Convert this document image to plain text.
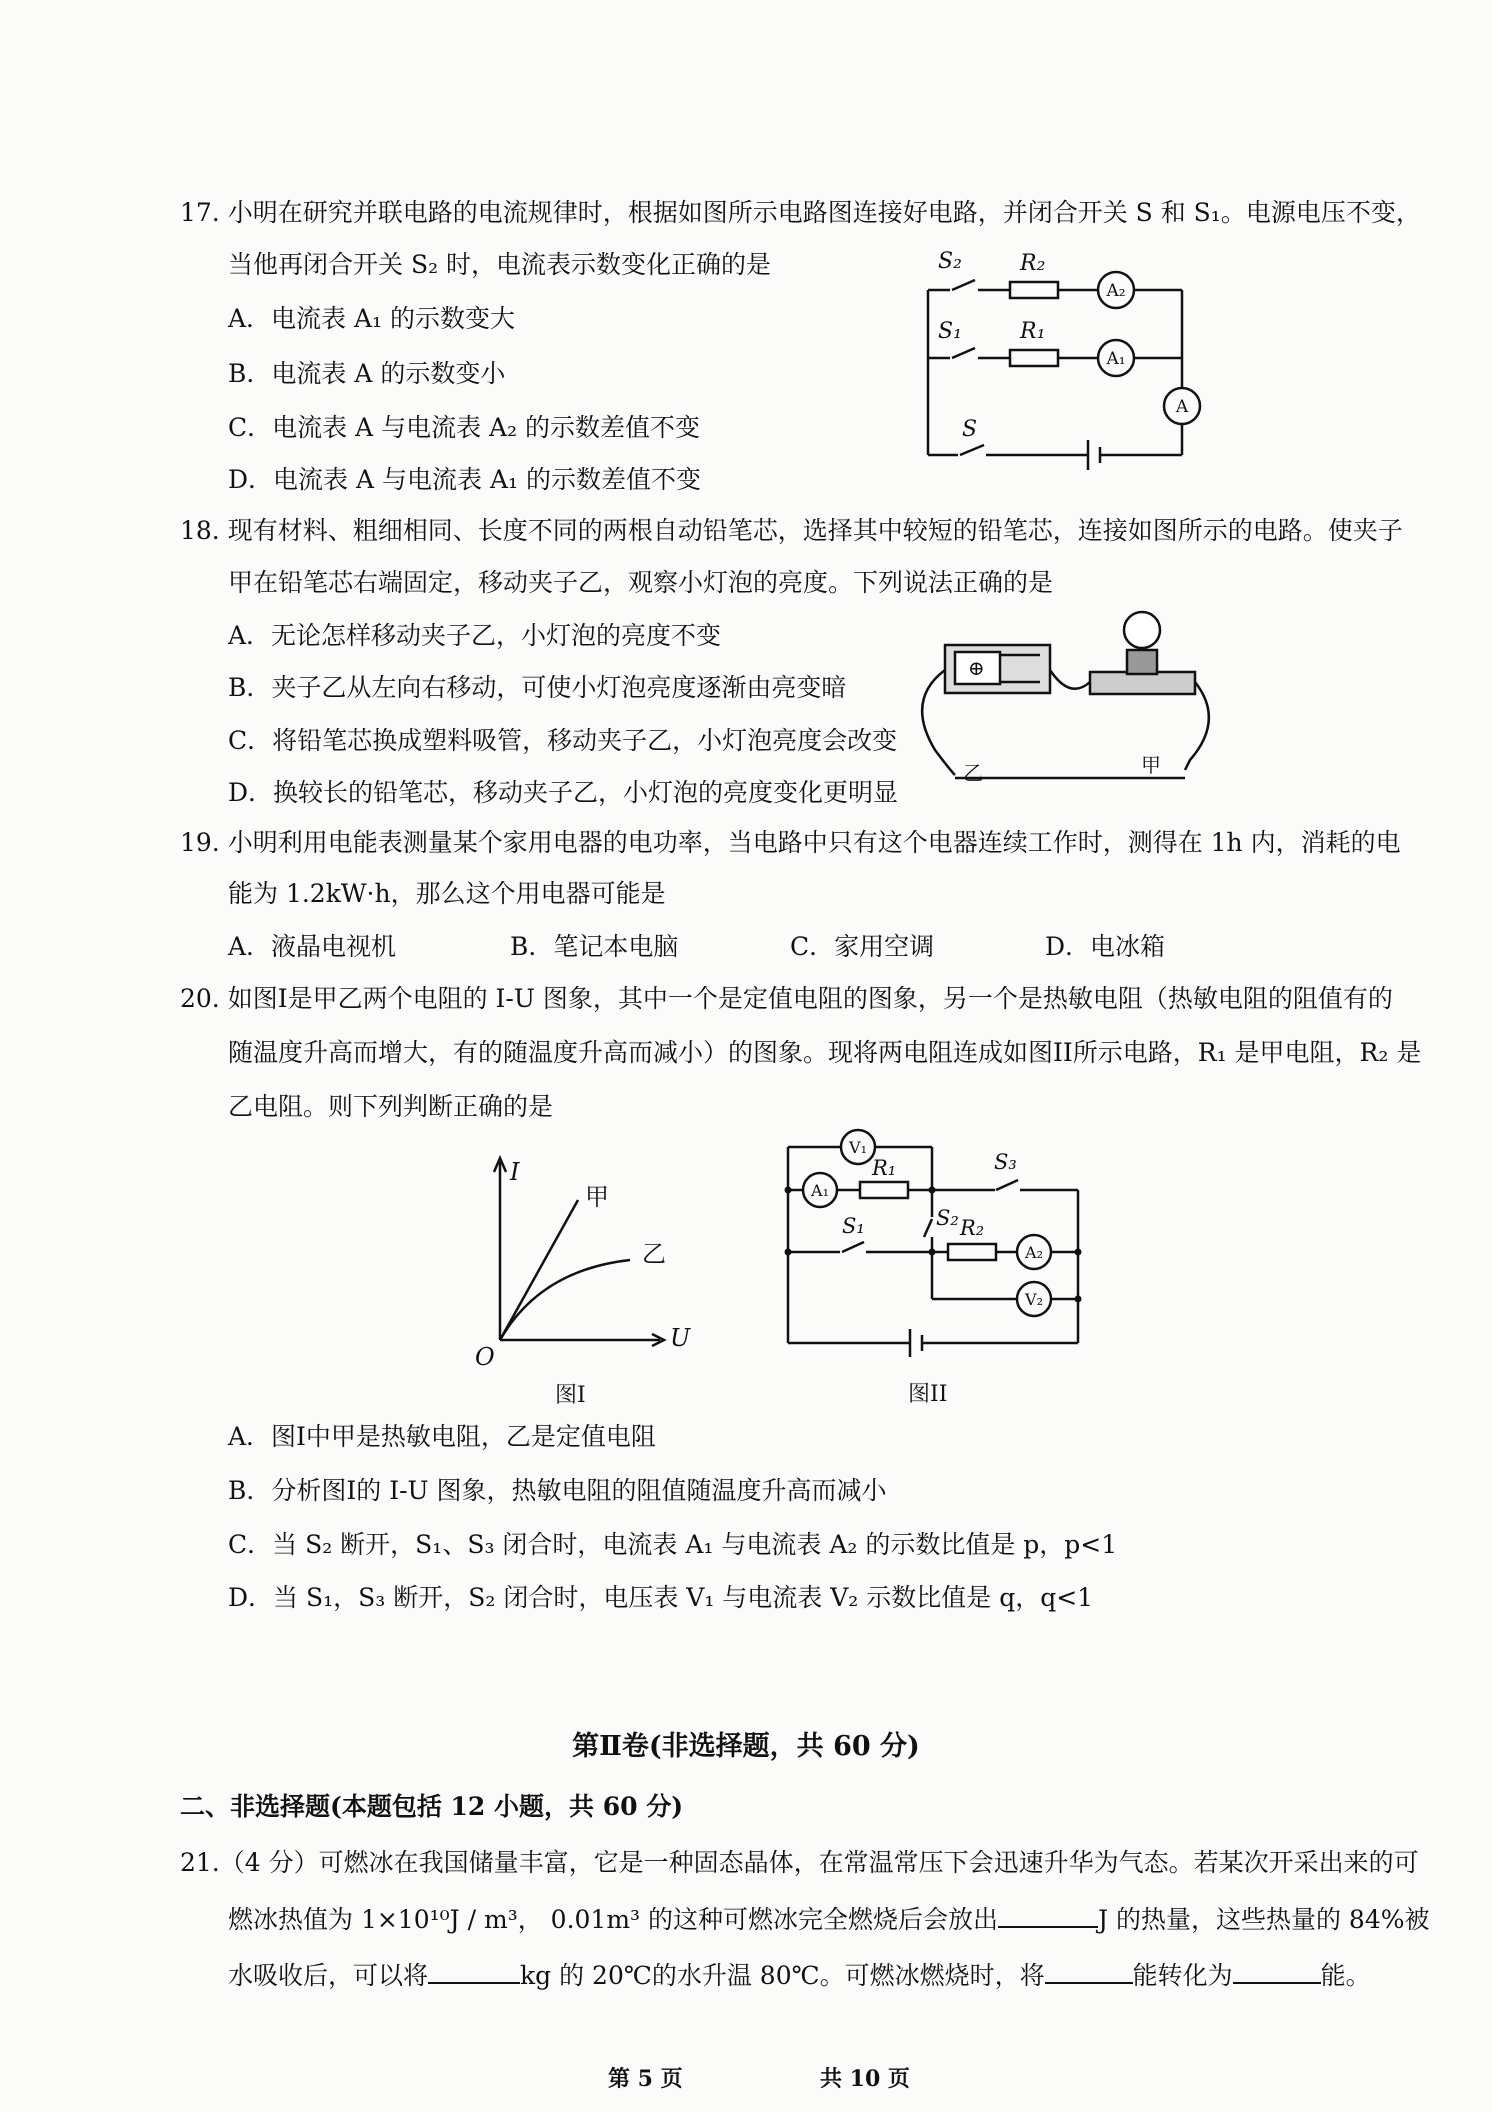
17. 小明在研究并联电路的电流规律时，根据如图所示电路图连接好电路，并闭合开关 S 和 S₁。电源电压不变，
当他再闭合开关 S₂ 时，电流表示数变化正确的是
A．电流表 A₁ 的示数变大
B．电流表 A 的示数变小
C．电流表 A 与电流表 A₂ 的示数差值不变
D．电流表 A 与电流表 A₁ 的示数差值不变
S₂
S₁
S
R₂
R₁
A₂
A₁
A
18. 现有材料、粗细相同、长度不同的两根自动铅笔芯，选择其中较短的铅笔芯，连接如图所示的电路。使夹子
甲在铅笔芯右端固定，移动夹子乙，观察小灯泡的亮度。下列说法正确的是
A．无论怎样移动夹子乙，小灯泡的亮度不变
B．夹子乙从左向右移动，可使小灯泡亮度逐渐由亮变暗
C．将铅笔芯换成塑料吸管，移动夹子乙，小灯泡亮度会改变
D．换较长的铅笔芯，移动夹子乙，小灯泡的亮度变化更明显
⊕
乙	甲
19. 小明利用电能表测量某个家用电器的电功率，当电路中只有这个电器连续工作时，测得在 1h 内，消耗的电
能为 1.2kW·h，那么这个用电器可能是
A．液晶电视机	B．笔记本电脑	C．家用空调	D．电冰箱
20. 如图I是甲乙两个电阻的 I-U 图象，其中一个是定值电阻的图象，另一个是热敏电阻（热敏电阻的阻值有的
随温度升高而增大，有的随温度升高而减小）的图象。现将两电阻连成如图II所示电路，R₁ 是甲电阻，R₂ 是
乙电阻。则下列判断正确的是
I
U
O
甲
乙
图I
V₁
A₁
A₂
V₂
R₁	S₃
S₁	S₂ R₂
图II
A．图I中甲是热敏电阻，乙是定值电阻
B．分析图I的 I-U 图象，热敏电阻的阻值随温度升高而减小
C．当 S₂ 断开，S₁、S₃ 闭合时，电流表 A₁ 与电流表 A₂ 的示数比值是 p，p<1
D．当 S₁，S₃ 断开，S₂ 闭合时，电压表 V₁ 与电流表 V₂ 示数比值是 q，q<1
第Ⅱ卷(非选择题，共 60 分)
二、非选择题(本题包括 12 小题，共 60 分)
21.（4 分）可燃冰在我国储量丰富，它是一种固态晶体，在常温常压下会迅速升华为气态。若某次开采出来的可
燃冰热值为 1×10¹⁰J / m³， 0.01m³ 的这种可燃冰完全燃烧后会放出	J 的热量，这些热量的 84%被
水吸收后，可以将	kg 的 20℃的水升温 80℃。可燃冰燃烧时，将	能转化为	能。
第 5 页	共 10 页
